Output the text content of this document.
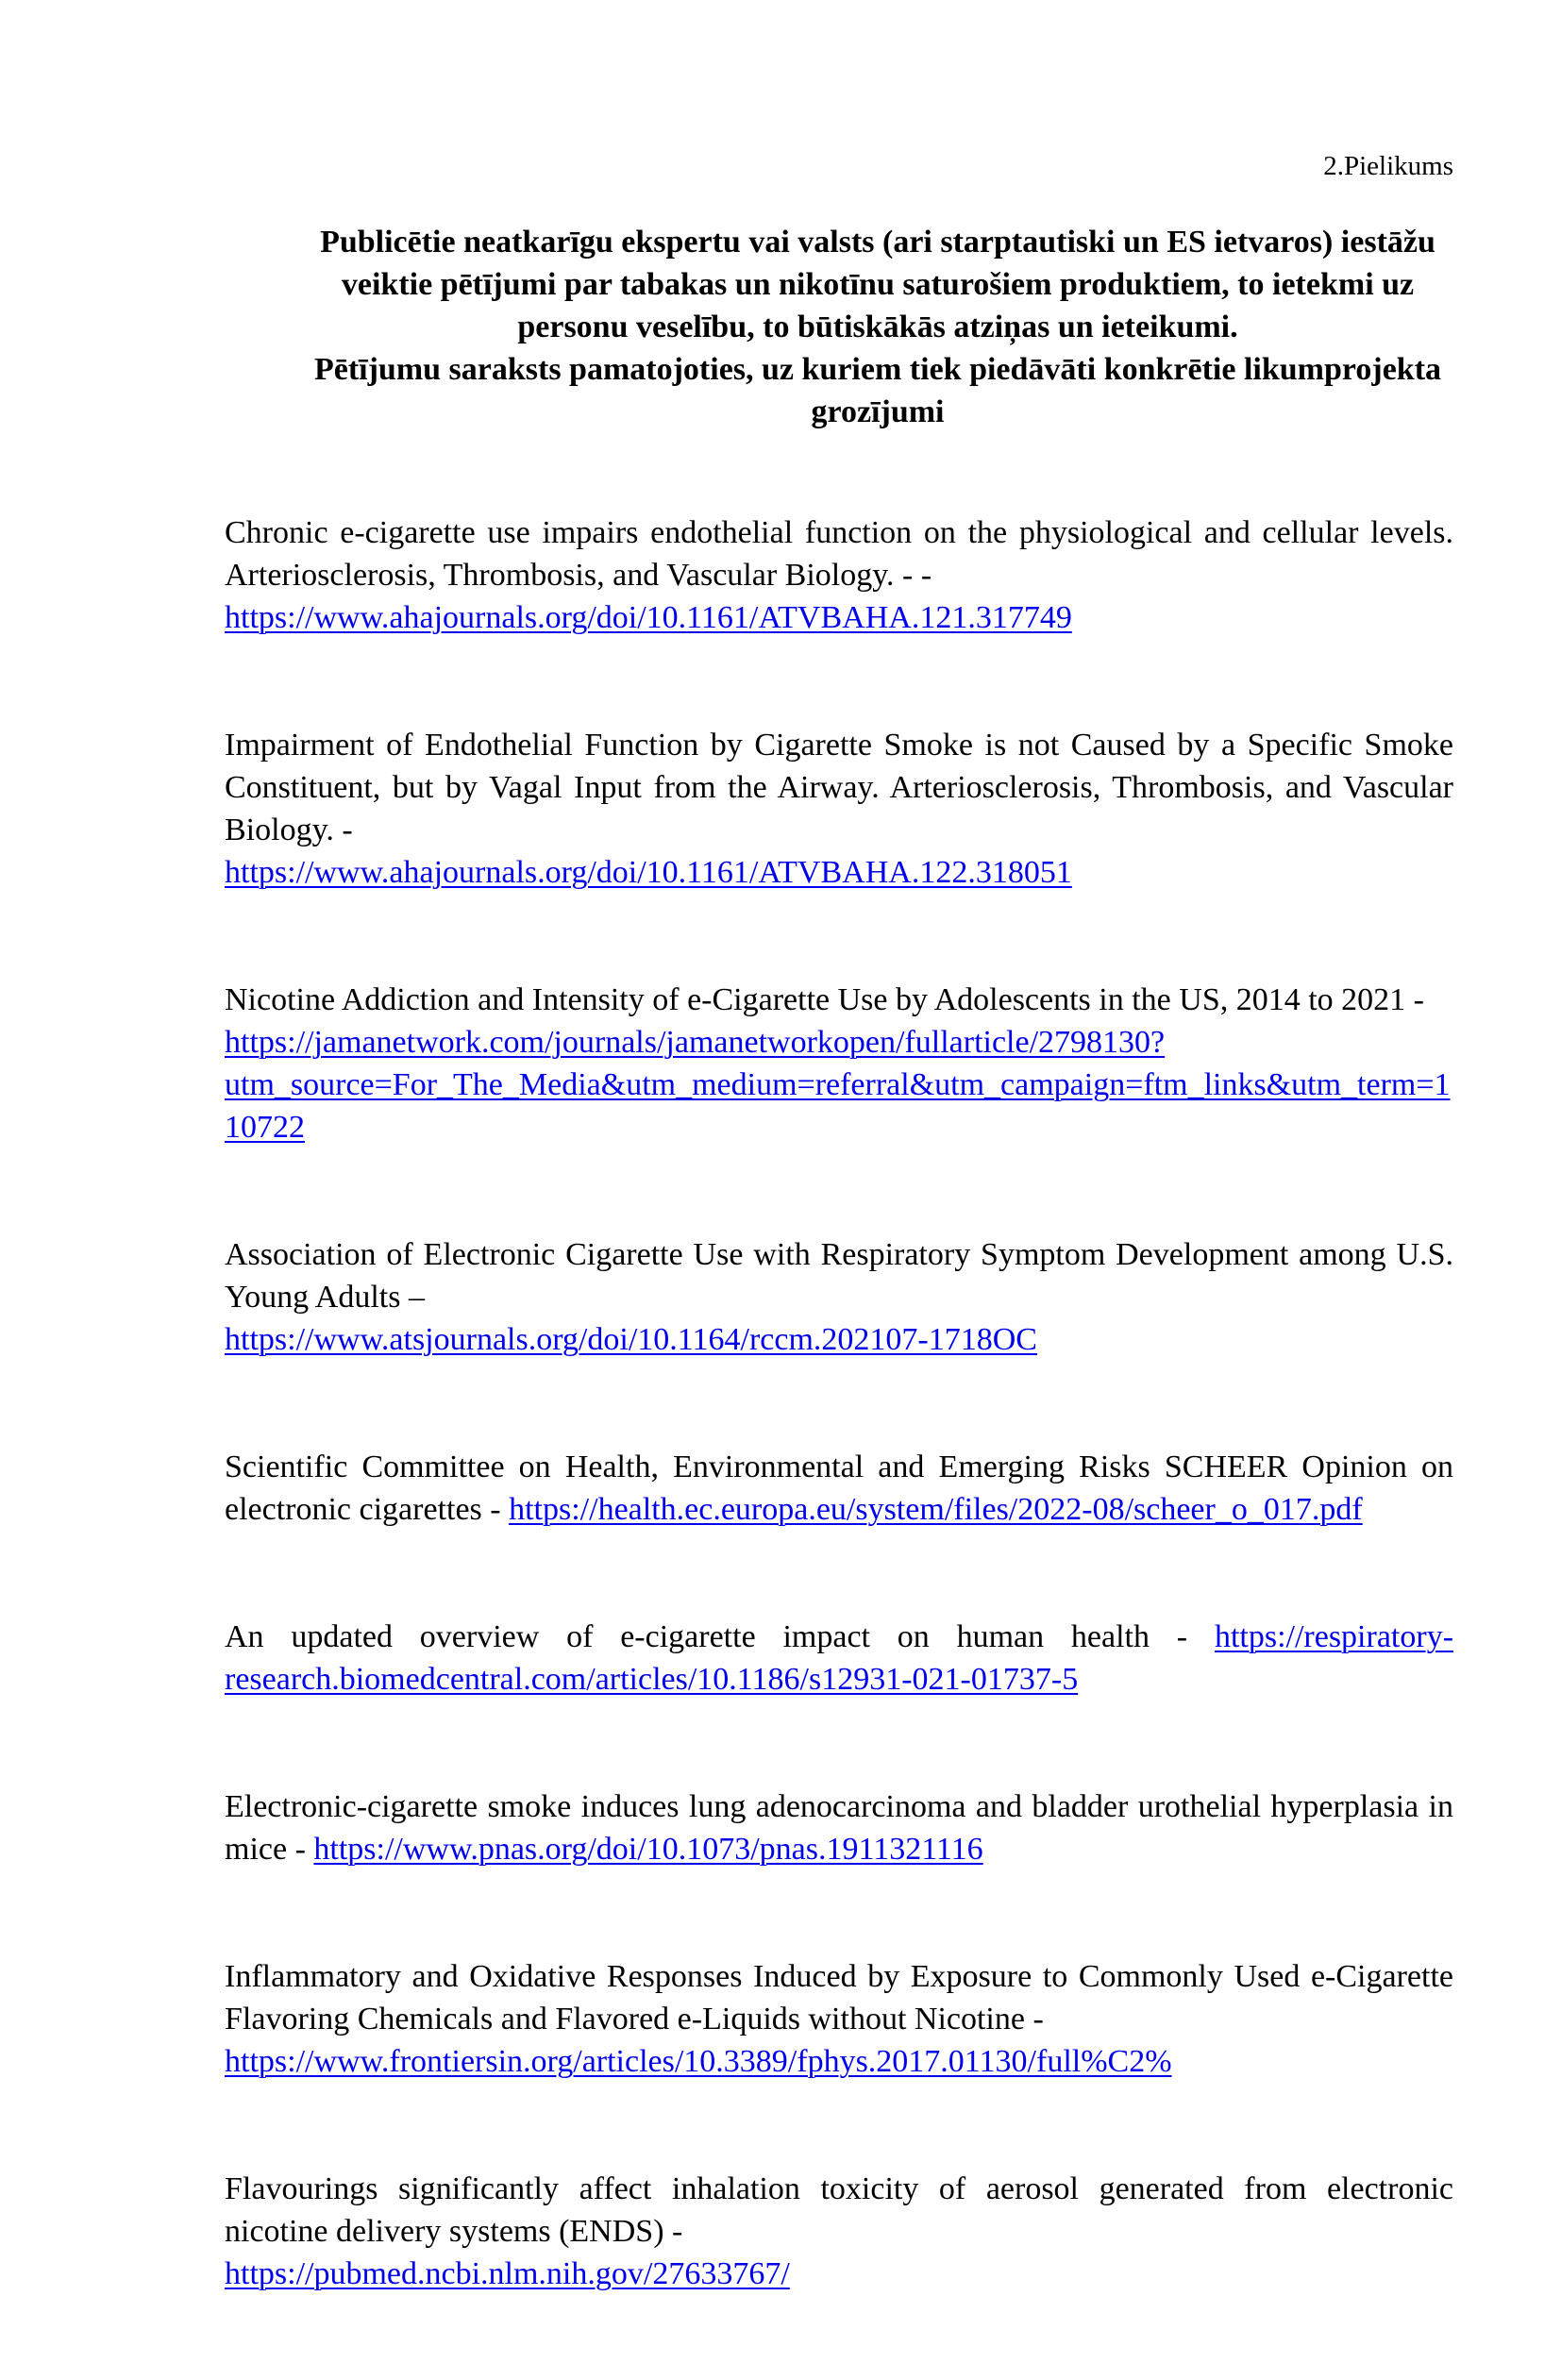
2.Pielikums

Publicētie neatkarīgu ekspertu vai valsts (ari starptautiski un ES ietvaros) iestāžu veiktie pētījumi par tabakas un nikotīnu saturošiem produktiem, to ietekmi uz personu veselību, to būtiskākās atziņas un ieteikumi.

Pētījumu saraksts pamatojoties, uz kuriem tiek piedāvāti konkrētie likumprojekta grozījumi

Chronic e-cigarette use impairs endothelial function on the physiological and cellular levels. Arteriosclerosis, Thrombosis, and Vascular Biology. - -
https://www.ahajournals.org/doi/10.1161/ATVBAHA.121.317749

Impairment of Endothelial Function by Cigarette Smoke is not Caused by a Specific Smoke Constituent, but by Vagal Input from the Airway. Arteriosclerosis, Thrombosis, and Vascular Biology. -
https://www.ahajournals.org/doi/10.1161/ATVBAHA.122.318051

Nicotine Addiction and Intensity of e-Cigarette Use by Adolescents in the US, 2014 to 2021 -
https://jamanetwork.com/journals/jamanetworkopen/fullarticle/2798130?utm_source=For_The_Media&utm_medium=referral&utm_campaign=ftm_links&utm_term=110722

Association of Electronic Cigarette Use with Respiratory Symptom Development among U.S. Young Adults –
https://www.atsjournals.org/doi/10.1164/rccm.202107-1718OC

Scientific Committee on Health, Environmental and Emerging Risks SCHEER Opinion on electronic cigarettes - https://health.ec.europa.eu/system/files/2022-08/scheer_o_017.pdf

An updated overview of e-cigarette impact on human health - https://respiratory-research.biomedcentral.com/articles/10.1186/s12931-021-01737-5

Electronic-cigarette smoke induces lung adenocarcinoma and bladder urothelial hyperplasia in mice - https://www.pnas.org/doi/10.1073/pnas.1911321116

Inflammatory and Oxidative Responses Induced by Exposure to Commonly Used e-Cigarette Flavoring Chemicals and Flavored e-Liquids without Nicotine -
https://www.frontiersin.org/articles/10.3389/fphys.2017.01130/full%C2%

Flavourings significantly affect inhalation toxicity of aerosol generated from electronic nicotine delivery systems (ENDS) -
https://pubmed.ncbi.nlm.nih.gov/27633767/
